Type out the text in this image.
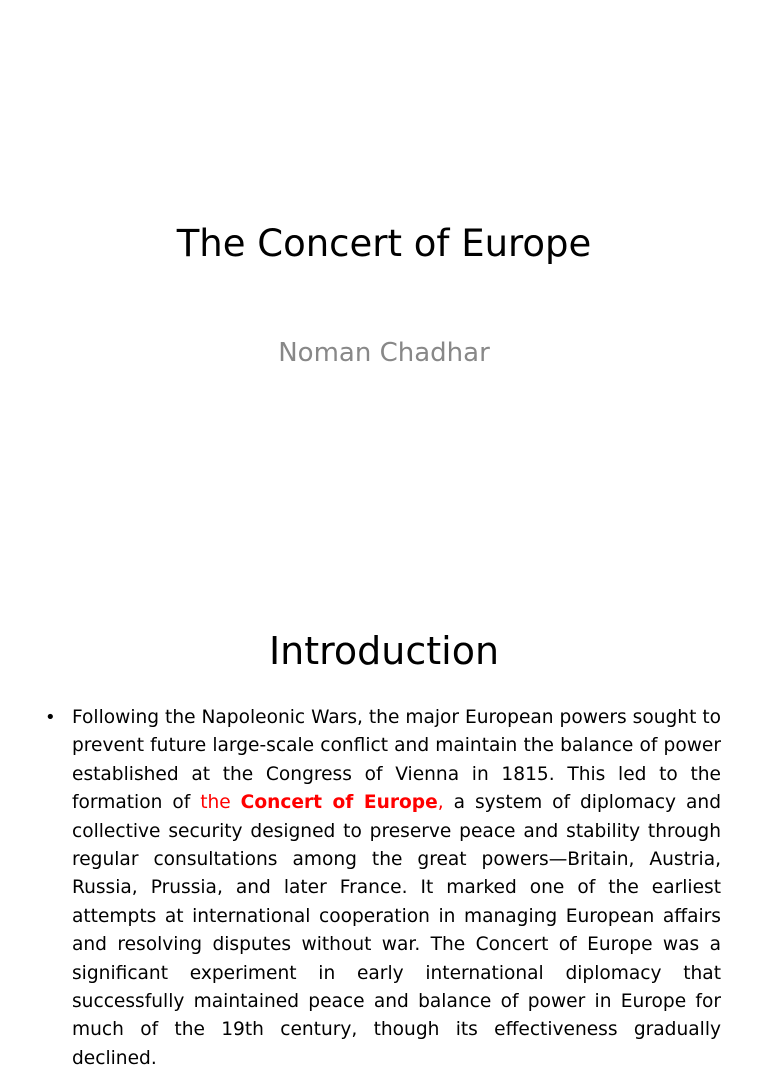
The Concert of Europe
Noman Chadhar
Introduction
• Following the Napoleonic Wars, the major European powers sought to prevent future large-scale conflict and maintain the balance of power established at the Congress of Vienna in 1815. This led to the formation of the Concert of Europe, a system of diplomacy and collective security designed to preserve peace and stability through regular consultations among the great powers—Britain, Austria, Russia, Prussia, and later France. It marked one of the earliest attempts at international cooperation in managing European affairs and resolving disputes without war. The Concert of Europe was a significant experiment in early international diplomacy that successfully maintained peace and balance of power in Europe for much of the 19th century, though its effectiveness gradually declined.
